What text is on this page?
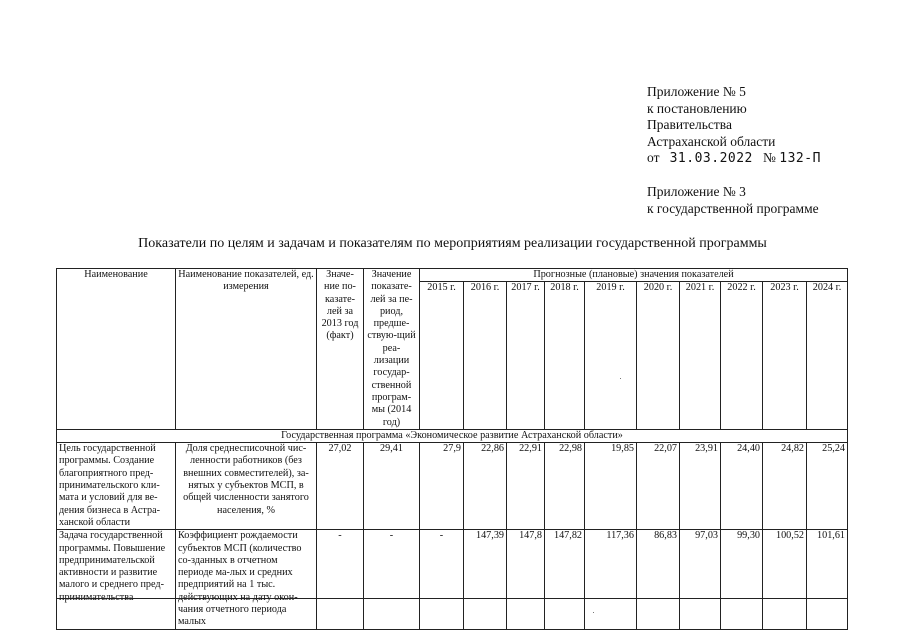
Приложение № 5
к постановлению
Правительства
Астраханской области
от 31.03.2022 № 132-П
Приложение № 3
к государственной программе
Показатели по целям и задачам и показателям по мероприятиям реализации государственной программы
Наименование	Наименование показателей, ед. измерения	Значе-ние по-казате-лей за 2013 год (факт)	Значение показате-лей за пе-риод, предше-ствую-щий реа-лизации государ-ственной програм-мы (2014 год)	Прогнозные (плановые) значения показателей									
				2015 г.	2016 г.	2017 г.	2018 г.	2019 г.	2020 г.	2021 г.	2022 г.	2023 г.	2024 г.
Государственная программа «Экономическое развитие Астраханской области»													
Цель государственной программы. Создание благоприятного пред-принимательского кли-мата и условий для ве-дения бизнеса в Астра-ханской области	Доля среднесписочной чис-ленности работников (без внешних совместителей), за-нятых у субъектов МСП, в общей численности занятого населения, %	27,02	29,41	27,9	22,86	22,91	22,98	19,85	22,07	23,91	24,40	24,82	25,24
Задача государственной программы. Повышение предпринимательской активности и развитие малого и среднего пред-принимательства	Коэффициент рождаемости субъектов МСП (количество со-зданных в отчетном периоде ма-лых и средних предприятий на 1 тыс. действующих на дату окон-чания отчетного периода малых	-	-	-	147,39	147,8	147,82	117,36	86,83	97,03	99,30	100,52	101,61
